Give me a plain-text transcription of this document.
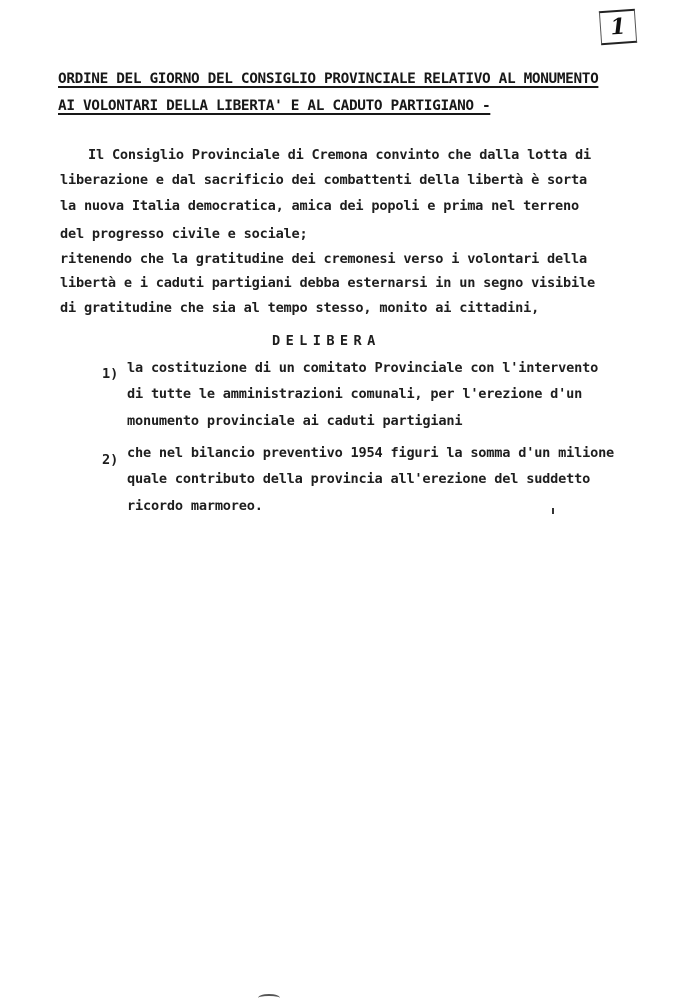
1
ORDINE DEL GIORNO DEL CONSIGLIO PROVINCIALE RELATIVO AL MONUMENTO
AI VOLONTARI DELLA LIBERTA' E AL CADUTO PARTIGIANO -
Il Consiglio Provinciale di Cremona convinto che dalla lotta di
liberazione e dal sacrificio dei combattenti della libertà è sorta
la nuova Italia democratica, amica dei popoli e prima nel terreno
del progresso civile e sociale;
ritenendo che la gratitudine dei cremonesi verso i volontari della
libertà e i caduti partigiani debba esternarsi in un segno visibile
di gratitudine che sia al tempo stesso, monito ai cittadini,
DELIBERA
1) la costituzione di un comitato Provinciale con l'intervento
di tutte le amministrazioni comunali, per l'erezione d'un
monumento provinciale ai caduti partigiani
2) che nel bilancio preventivo 1954 figuri la somma d'un milione
quale contributo della provincia all'erezione del suddetto
ricordo marmoreo.
